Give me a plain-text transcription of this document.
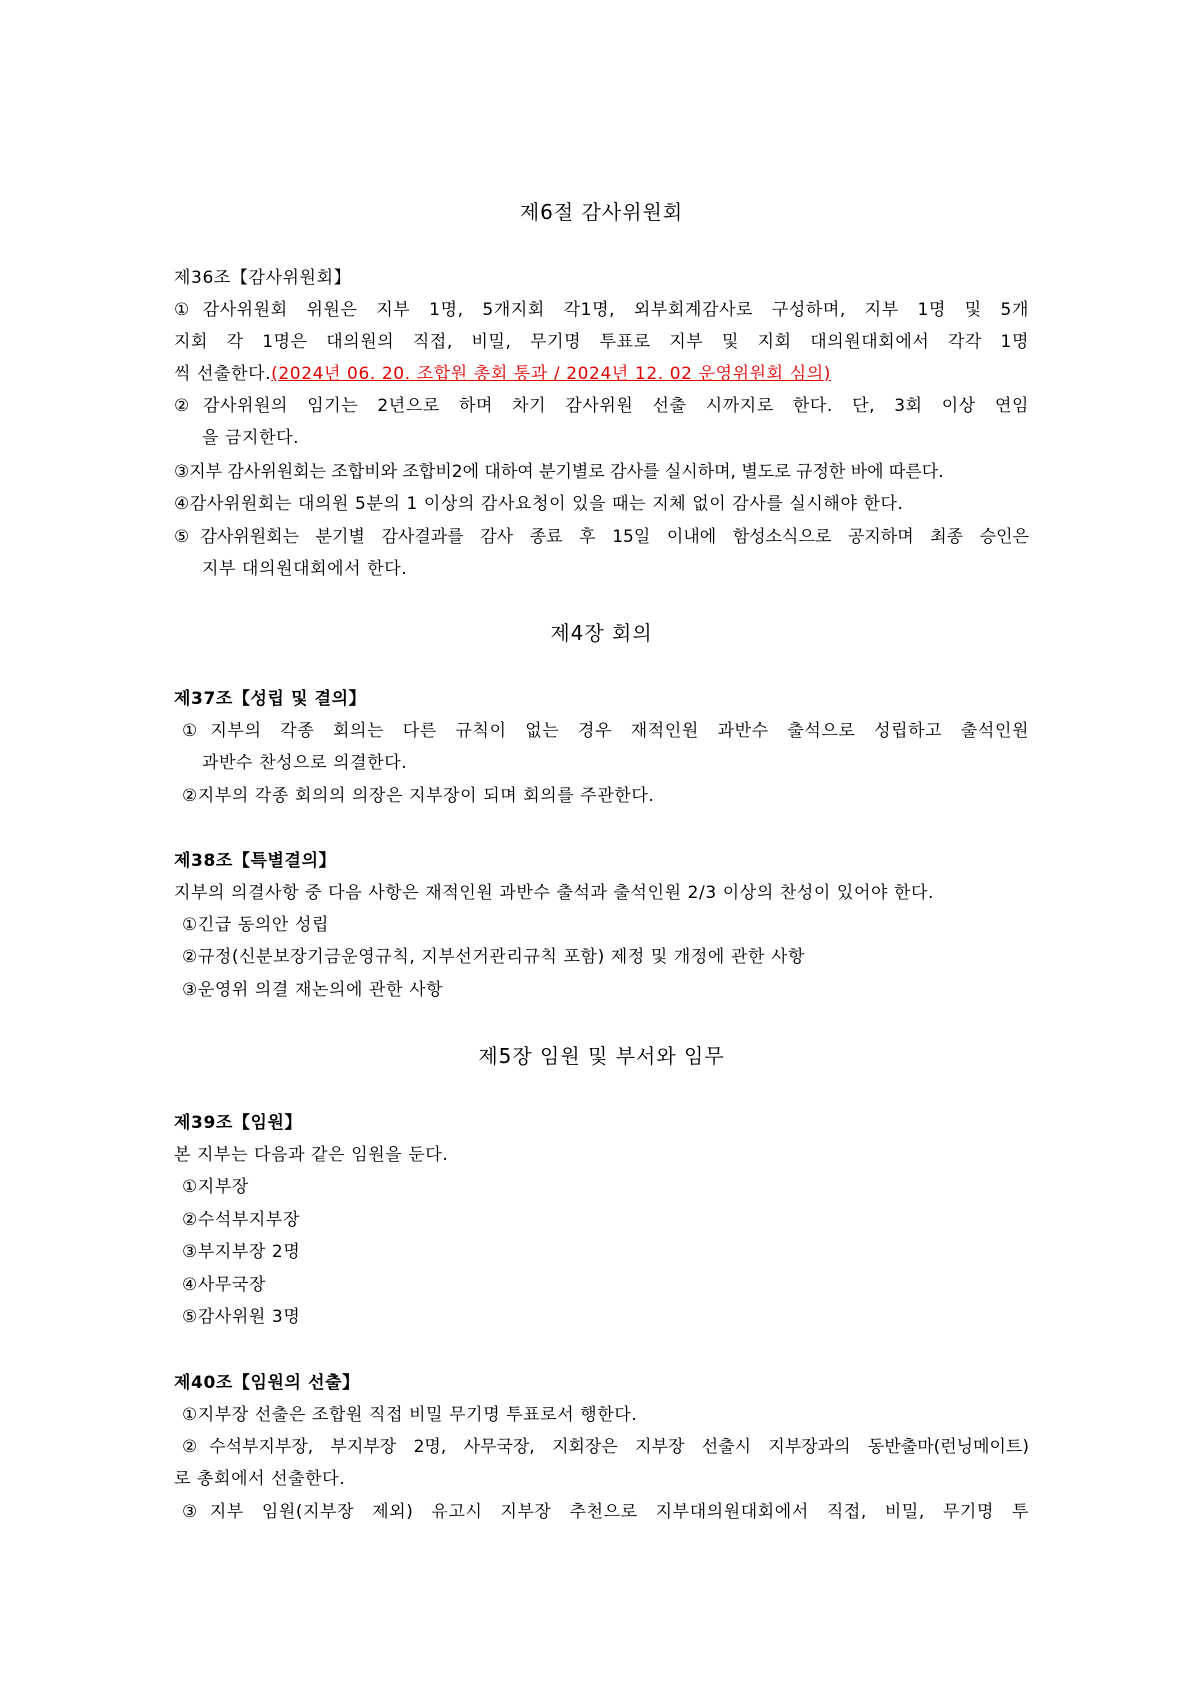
제6절 감사위원회
제36조【감사위원회】
①감사위원회 위원은 지부 1명, 5개지회 각1명, 외부회계감사로 구성하며, 지부 1명 및 5개
지회 각 1명은 대의원의 직접, 비밀, 무기명 투표로 지부 및 지회 대의원대회에서 각각 1명
씩 선출한다.(2024년 06. 20. 조합원 총회 통과 / 2024년 12. 02 운영위원회 심의)
②감사위원의 임기는 2년으로 하며 차기 감사위원 선출 시까지로 한다. 단, 3회 이상 연임
을 금지한다.
③지부 감사위원회는 조합비와 조합비2에 대하여 분기별로 감사를 실시하며, 별도로 규정한 바에 따른다.
④감사위원회는 대의원 5분의 1 이상의 감사요청이 있을 때는 지체 없이 감사를 실시해야 한다.
⑤감사위원회는 분기별 감사결과를 감사 종료 후 15일 이내에 함성소식으로 공지하며 최종 승인은
지부 대의원대회에서 한다.
제4장 회의
제37조【성립 및 결의】
①지부의 각종 회의는 다른 규칙이 없는 경우 재적인원 과반수 출석으로 성립하고 출석인원
과반수 찬성으로 의결한다.
②지부의 각종 회의의 의장은 지부장이 되며 회의를 주관한다.
제38조【특별결의】
지부의 의결사항 중 다음 사항은 재적인원 과반수 출석과 출석인원 2/3 이상의 찬성이 있어야 한다.
①긴급 동의안 성립
②규정(신분보장기금운영규칙, 지부선거관리규칙 포함) 제정 및 개정에 관한 사항
③운영위 의결 재논의에 관한 사항
제5장 임원 및 부서와 임무
제39조【임원】
본 지부는 다음과 같은 임원을 둔다.
①지부장
②수석부지부장
③부지부장 2명
④사무국장
⑤감사위원 3명
제40조【임원의 선출】
①지부장 선출은 조합원 직접 비밀 무기명 투표로서 행한다.
②수석부지부장, 부지부장 2명, 사무국장, 지회장은 지부장 선출시 지부장과의 동반출마(런닝메이트)
로 총회에서 선출한다.
③지부 임원(지부장 제외) 유고시 지부장 추천으로 지부대의원대회에서 직접, 비밀, 무기명 투
